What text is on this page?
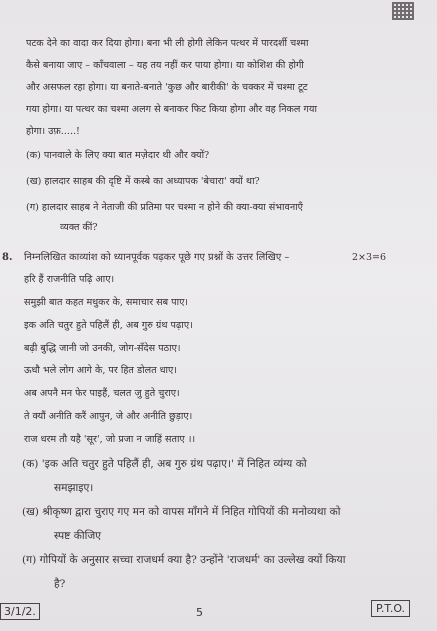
पटक देने का वादा कर दिया होगा। बना भी ली होगी लेकिन पत्थर में पारदर्शी चश्मा
कैसे बनाया जाए – काँचवाला – यह तय नहीं कर पाया होगा। या कोशिश की होगी
और असफल रहा होगा। या बनाते-बनाते 'कुछ और बारीकी' के चक्कर में चश्मा टूट
गया होगा। या पत्थर का चश्मा अलग से बनाकर फिट किया होगा और वह निकल गया
होगा। उफ़.....!
(क) पानवाले के लिए क्या बात मज़ेदार थी और क्यों?
(ख) हालदार साहब की दृष्टि में कस्बे का अध्यापक 'बेचारा' क्यों था?
(ग) हालदार साहब ने नेताजी की प्रतिमा पर चश्मा न होने की क्या-क्या संभावनाएँ
व्यक्त कीं?
8. निम्नलिखित काव्यांश को ध्यानपूर्वक पढ़कर पूछे गए प्रश्नों के उत्तर लिखिए –	2×3=6
हरि हैं राजनीति पढ़ि आए।
समुझी बात कहत मधुकर के, समाचार सब पाए।
इक अति चतुर हुते पहिलैं ही, अब गुरु ग्रंथ पढ़ाए।
बढ़ी बुद्धि जानी जो उनकी, जोग-सँदेस पठाए।
ऊधौ भले लोग आगे के, पर हित डोलत धाए।
अब अपनै मन फेर पाइहैं, चलत जु हुते चुराए।
ते क्यौं अनीति करैं आपुन, जे और अनीति छुड़ाए।
राज धरम तौ यहै 'सूर', जो प्रजा न जाहिं सताए ।।
(क) 'इक अति चतुर हुते पहिलैं ही, अब गुरु ग्रंथ पढ़ाए।' में निहित व्यंग्य को
समझाइए।
(ख) श्रीकृष्ण द्वारा चुराए गए मन को वापस माँगने में निहित गोपियों की मनोव्यथा को
स्पष्ट कीजिए
(ग) गोपियों के अनुसार सच्चा राजधर्म क्या है? उन्होंने 'राजधर्म' का उल्लेख क्यों किया
है?
3/1/2.	5	P.T.O.
